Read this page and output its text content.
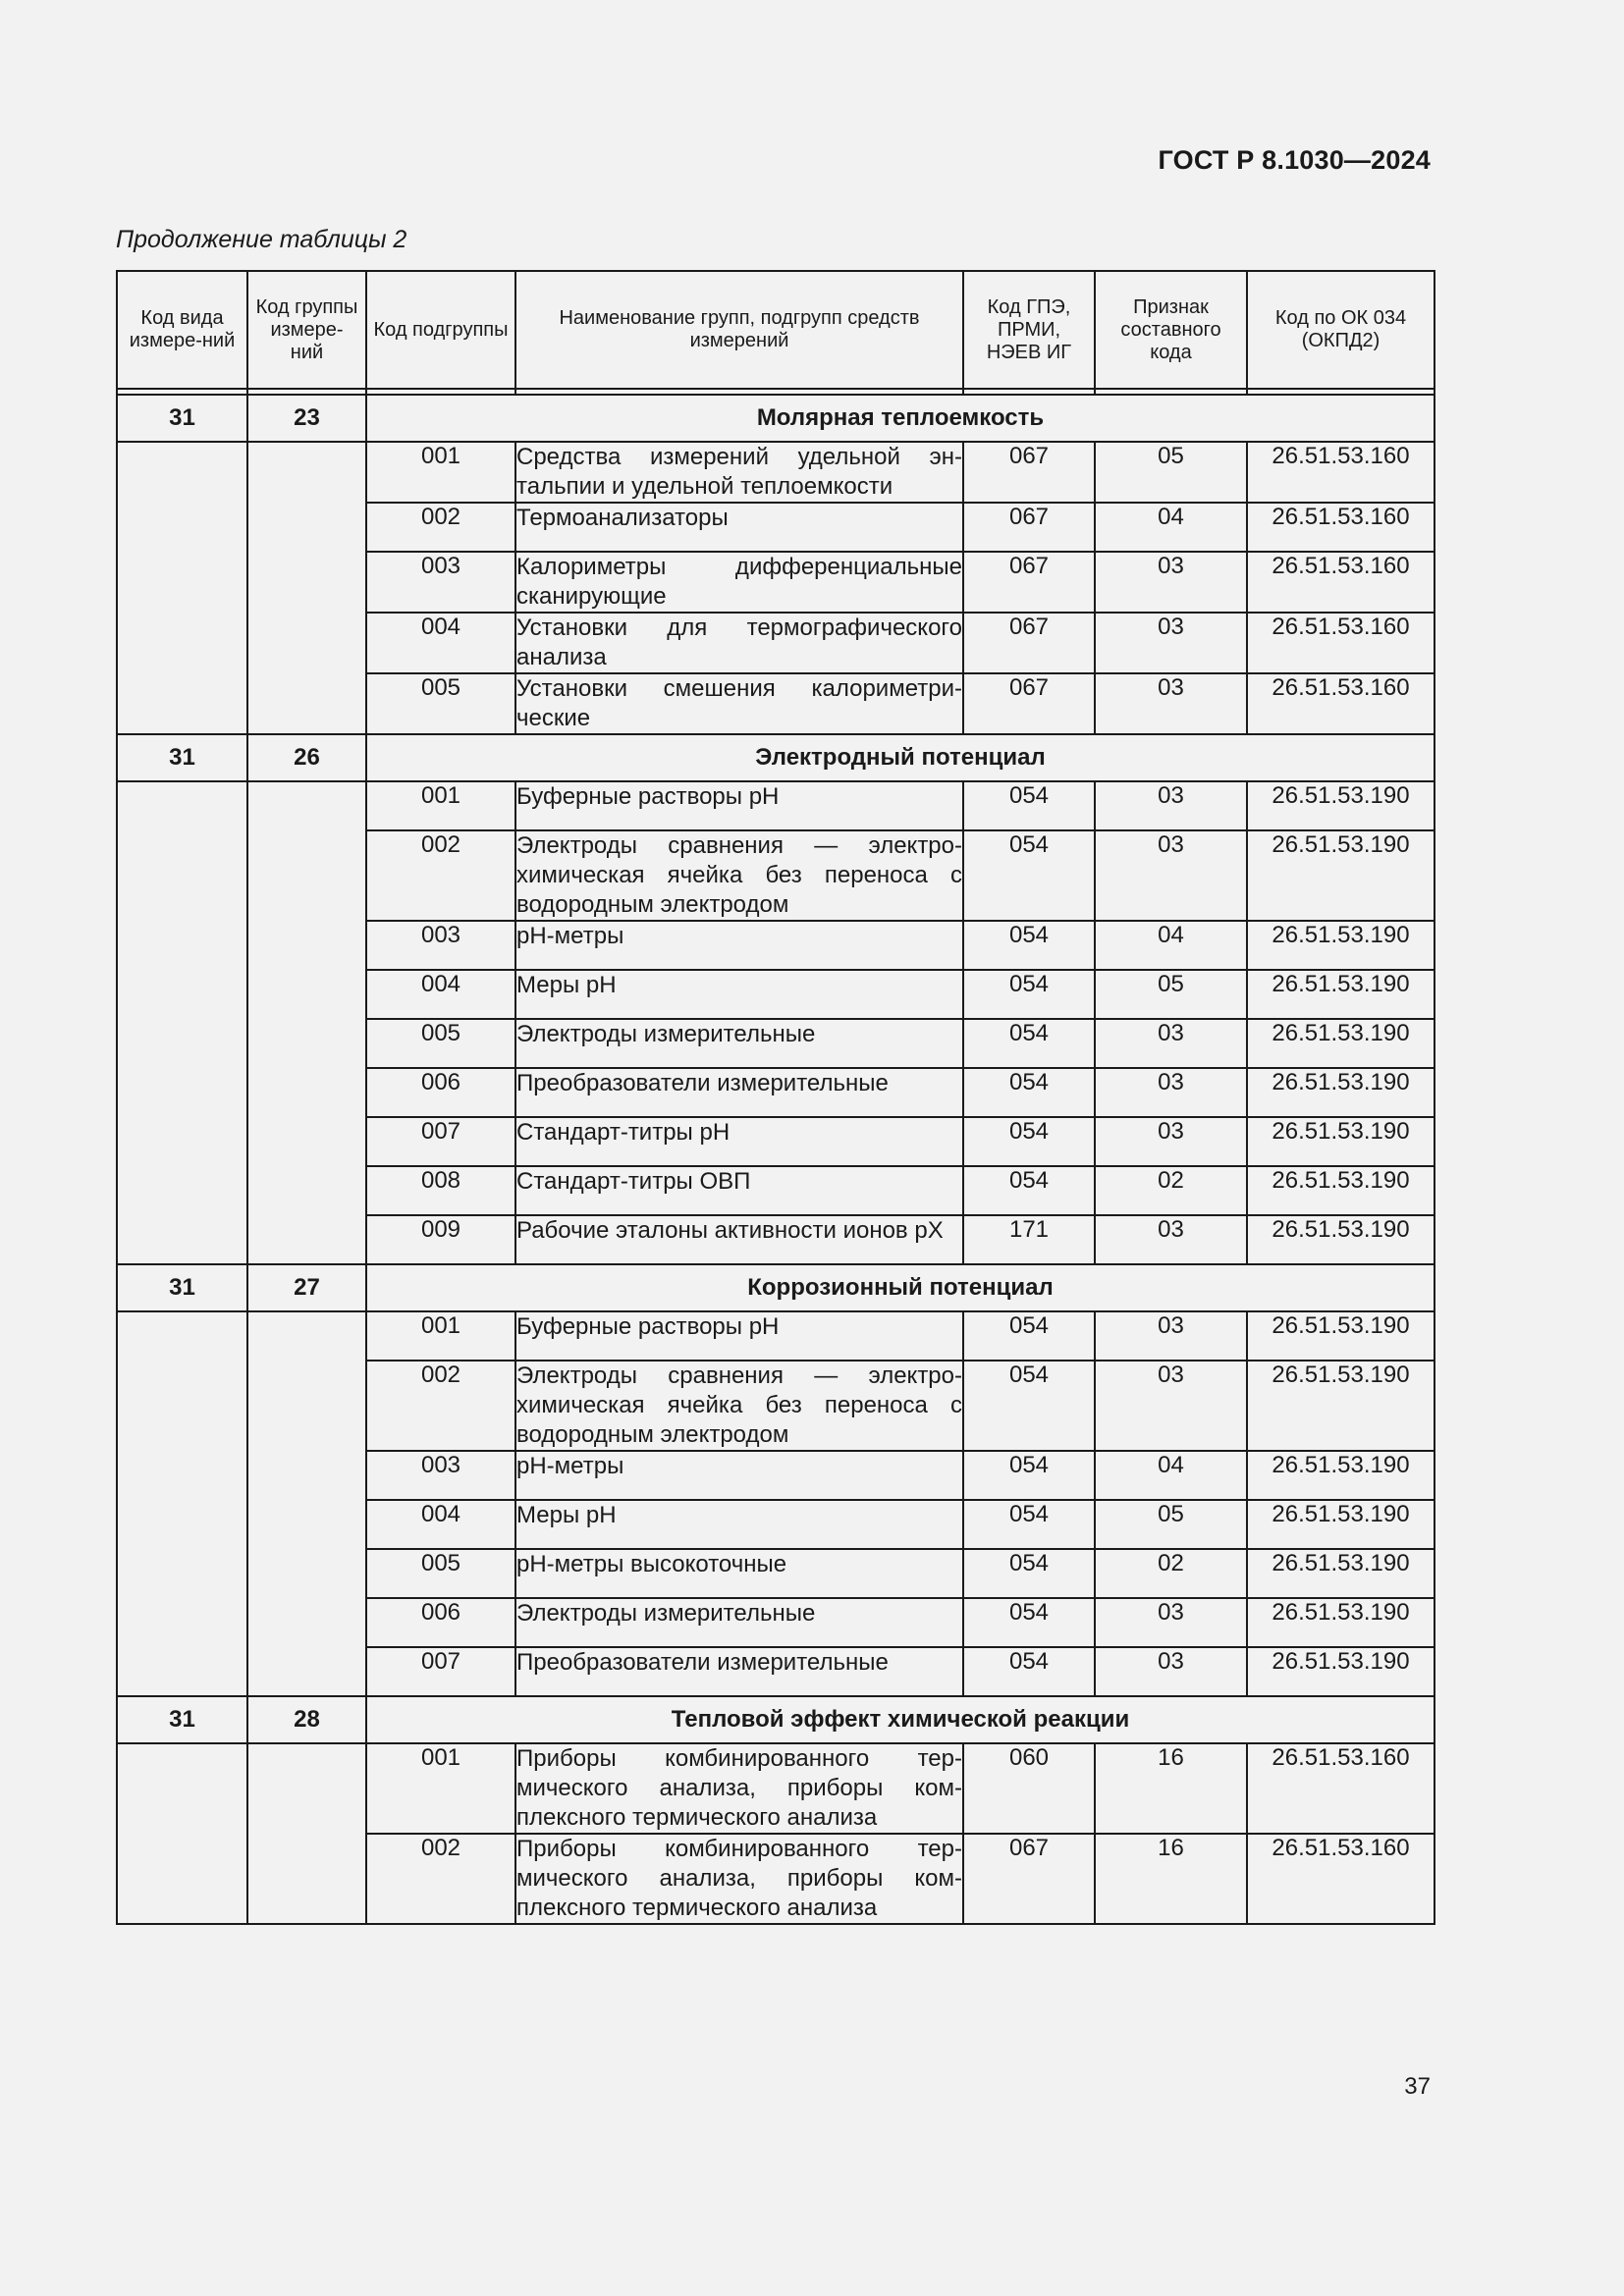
ГОСТ Р 8.1030—2024
Продолжение таблицы 2
Код вида измере-ний	Код группы измере-ний	Код подгруппы	Наименование групп, подгрупп средств измерений	Код ГПЭ, ПРМИ, НЭЕВ ИГ	Признак составного кода	Код по ОК 034 (ОКПД2)

31	23	Молярная теплоемкость				
		001	Средства измерений удельной эн-тальпии и удельной теплоемкости	067	05	26.51.53.160
		002	Термоанализаторы	067	04	26.51.53.160
		003	Калориметры дифференциальные сканирующие	067	03	26.51.53.160
		004	Установки для термографического анализа	067	03	26.51.53.160
		005	Установки смешения калориметри-ческие	067	03	26.51.53.160
31	26	Электродный потенциал				
		001	Буферные растворы pH	054	03	26.51.53.190
		002	Электроды сравнения — электро-химическая ячейка без переноса с водородным электродом	054	03	26.51.53.190
		003	pH-метры	054	04	26.51.53.190
		004	Меры pH	054	05	26.51.53.190
		005	Электроды измерительные	054	03	26.51.53.190
		006	Преобразователи измерительные	054	03	26.51.53.190
		007	Стандарт-титры pH	054	03	26.51.53.190
		008	Стандарт-титры ОВП	054	02	26.51.53.190
		009	Рабочие эталоны активности ионов pX	171	03	26.51.53.190
31	27	Коррозионный потенциал				
		001	Буферные растворы pH	054	03	26.51.53.190
		002	Электроды сравнения — электро-химическая ячейка без переноса с водородным электродом	054	03	26.51.53.190
		003	pH-метры	054	04	26.51.53.190
		004	Меры pH	054	05	26.51.53.190
		005	pH-метры высокоточные	054	02	26.51.53.190
		006	Электроды измерительные	054	03	26.51.53.190
		007	Преобразователи измерительные	054	03	26.51.53.190
31	28	Тепловой эффект химической реакции				
		001	Приборы комбинированного тер-мического анализа, приборы ком-плексного термического анализа	060	16	26.51.53.160
		002	Приборы комбинированного тер-мического анализа, приборы ком-плексного термического анализа	067	16	26.51.53.160
37
